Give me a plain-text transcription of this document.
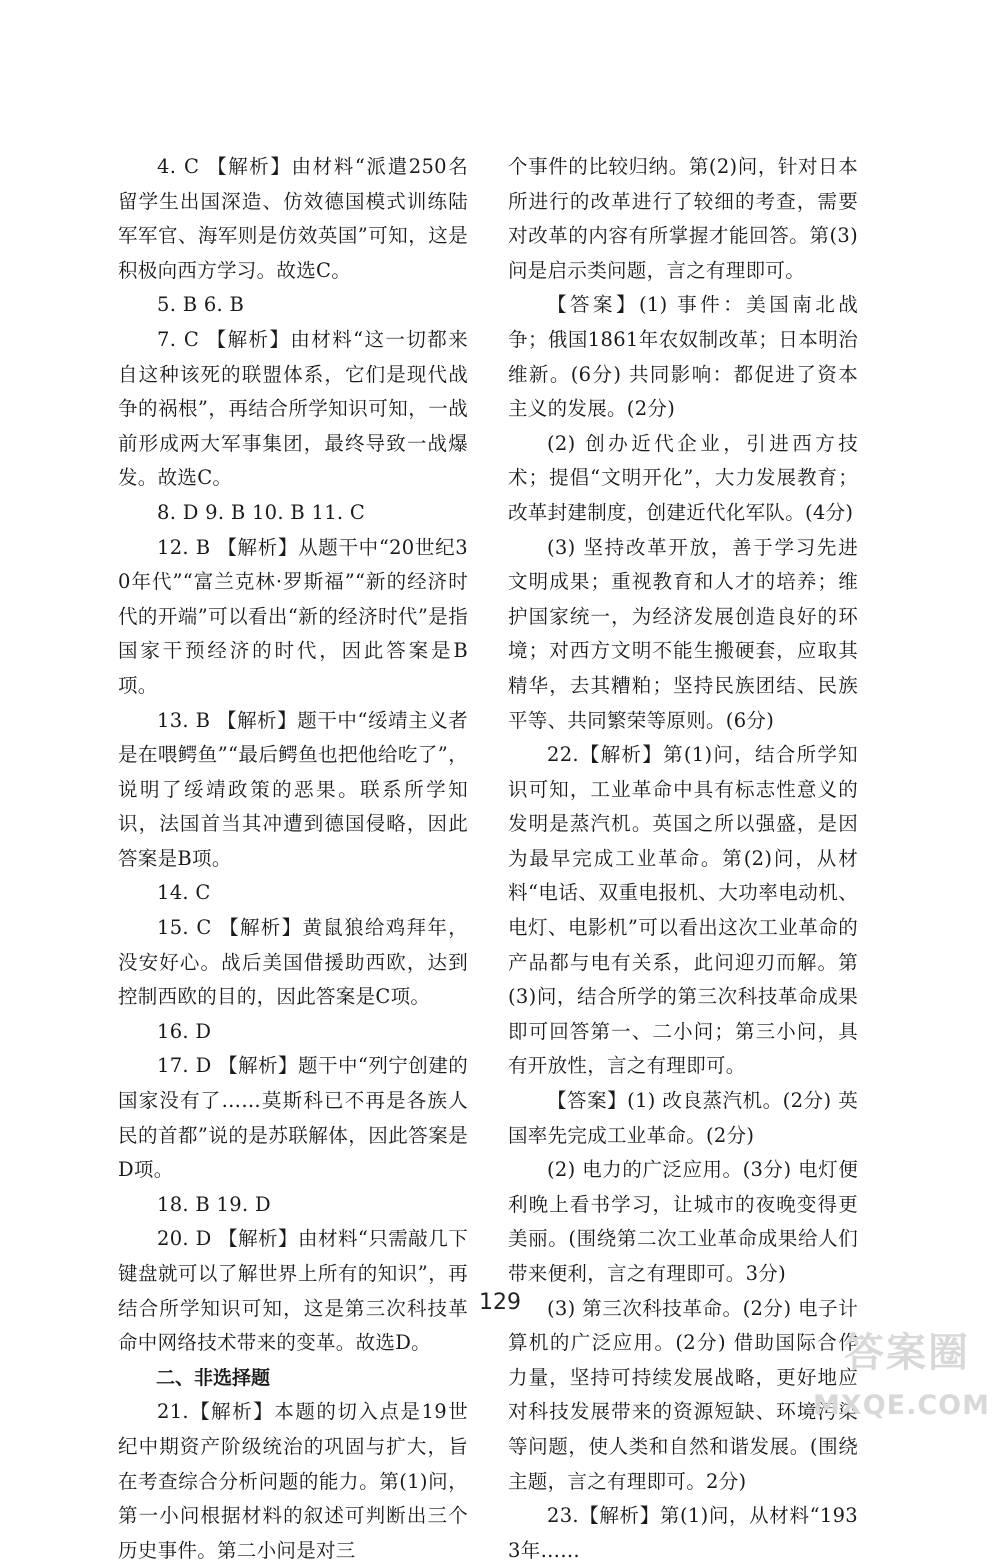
4. C 【解析】由材料“派遣250名留学生出国深造、仿效德国模式训练陆军军官、海军则是仿效英国”可知，这是积极向西方学习。故选C。

5. B 6. B

7. C 【解析】由材料“这一切都来自这种该死的联盟体系，它们是现代战争的祸根”，再结合所学知识可知，一战前形成两大军事集团，最终导致一战爆发。故选C。

8. D 9. B 10. B 11. C

12. B 【解析】从题干中“20世纪30年代”“富兰克林·罗斯福”“新的经济时代的开端”可以看出“新的经济时代”是指国家干预经济的时代，因此答案是B项。

13. B 【解析】题干中“绥靖主义者是在喂鳄鱼”“最后鳄鱼也把他给吃了”，说明了绥靖政策的恶果。联系所学知识，法国首当其冲遭到德国侵略，因此答案是B项。

14. C

15. C 【解析】黄鼠狼给鸡拜年，没安好心。战后美国借援助西欧，达到控制西欧的目的，因此答案是C项。

16. D

17. D 【解析】题干中“列宁创建的国家没有了……莫斯科已不再是各族人民的首都”说的是苏联解体，因此答案是D项。

18. B 19. D

20. D 【解析】由材料“只需敲几下键盘就可以了解世界上所有的知识”，再结合所学知识可知，这是第三次科技革命中网络技术带来的变革。故选D。

二、非选择题

21.【解析】本题的切入点是19世纪中期资产阶级统治的巩固与扩大，旨在考查综合分析问题的能力。第(1)问，第一小问根据材料的叙述可判断出三个历史事件。第二小问是对三

个事件的比较归纳。第(2)问，针对日本所进行的改革进行了较细的考查，需要对改革的内容有所掌握才能回答。第(3)问是启示类问题，言之有理即可。

【答案】(1) 事件：美国南北战争；俄国1861年农奴制改革；日本明治维新。(6分) 共同影响：都促进了资本主义的发展。(2分)

(2) 创办近代企业，引进西方技术；提倡“文明开化”，大力发展教育；改革封建制度，创建近代化军队。(4分)

(3) 坚持改革开放，善于学习先进文明成果；重视教育和人才的培养；维护国家统一，为经济发展创造良好的环境；对西方文明不能生搬硬套，应取其精华，去其糟粕；坚持民族团结、民族平等、共同繁荣等原则。(6分)

22.【解析】第(1)问，结合所学知识可知，工业革命中具有标志性意义的发明是蒸汽机。英国之所以强盛，是因为最早完成工业革命。第(2)问，从材料“电话、双重电报机、大功率电动机、电灯、电影机”可以看出这次工业革命的产品都与电有关系，此问迎刃而解。第(3)问，结合所学的第三次科技革命成果即可回答第一、二小问；第三小问，具有开放性，言之有理即可。

【答案】(1) 改良蒸汽机。(2分) 英国率先完成工业革命。(2分)

(2) 电力的广泛应用。(3分) 电灯便利晚上看书学习，让城市的夜晚变得更美丽。(围绕第二次工业革命成果给人们带来便利，言之有理即可。3分)

(3) 第三次科技革命。(2分) 电子计算机的广泛应用。(2分) 借助国际合作力量，坚持可持续发展战略，更好地应对科技发展带来的资源短缺、环境污染等问题，使人类和自然和谐发展。(围绕主题，言之有理即可。2分)

23.【解析】第(1)问，从材料“1933年……

129
答案圈
MXQE.COM
